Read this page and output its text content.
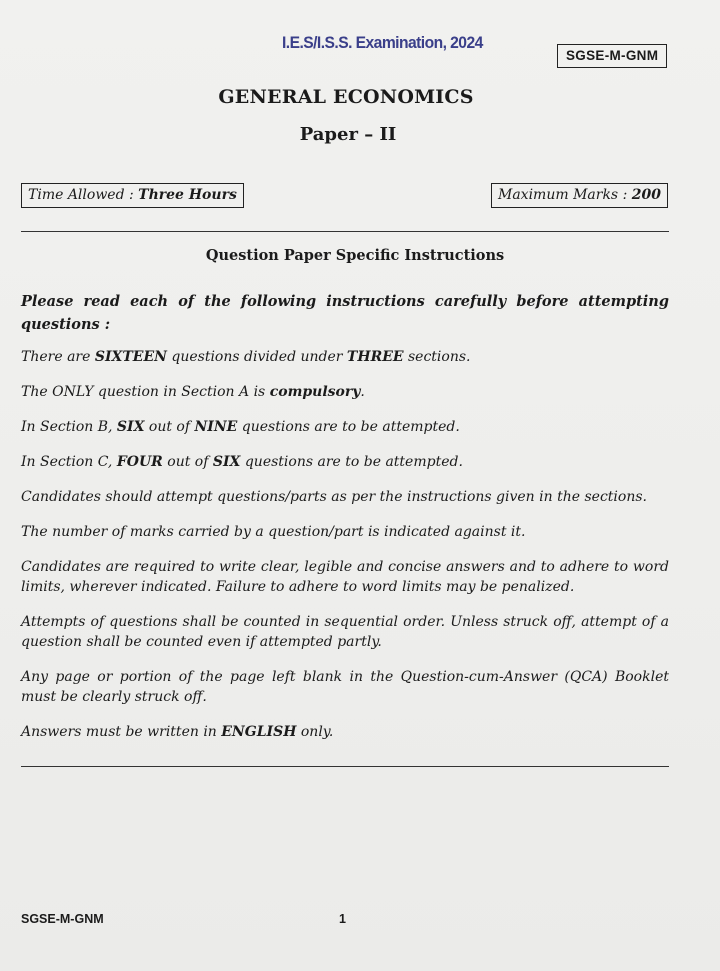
I.E.S/I.S.S. Examination, 2024
SGSE-M-GNM
GENERAL ECONOMICS
Paper – II
Time Allowed : Three Hours	Maximum Marks : 200
Question Paper Specific Instructions
Please read each of the following instructions carefully before attempting questions :
There are SIXTEEN questions divided under THREE sections.
The ONLY question in Section A is compulsory.
In Section B, SIX out of NINE questions are to be attempted.
In Section C, FOUR out of SIX questions are to be attempted.
Candidates should attempt questions/parts as per the instructions given in the sections.
The number of marks carried by a question/part is indicated against it.
Candidates are required to write clear, legible and concise answers and to adhere to word limits, wherever indicated. Failure to adhere to word limits may be penalized.
Attempts of questions shall be counted in sequential order. Unless struck off, attempt of a question shall be counted even if attempted partly.
Any page or portion of the page left blank in the Question-cum-Answer (QCA) Booklet must be clearly struck off.
Answers must be written in ENGLISH only.
SGSE-M-GNM	1
